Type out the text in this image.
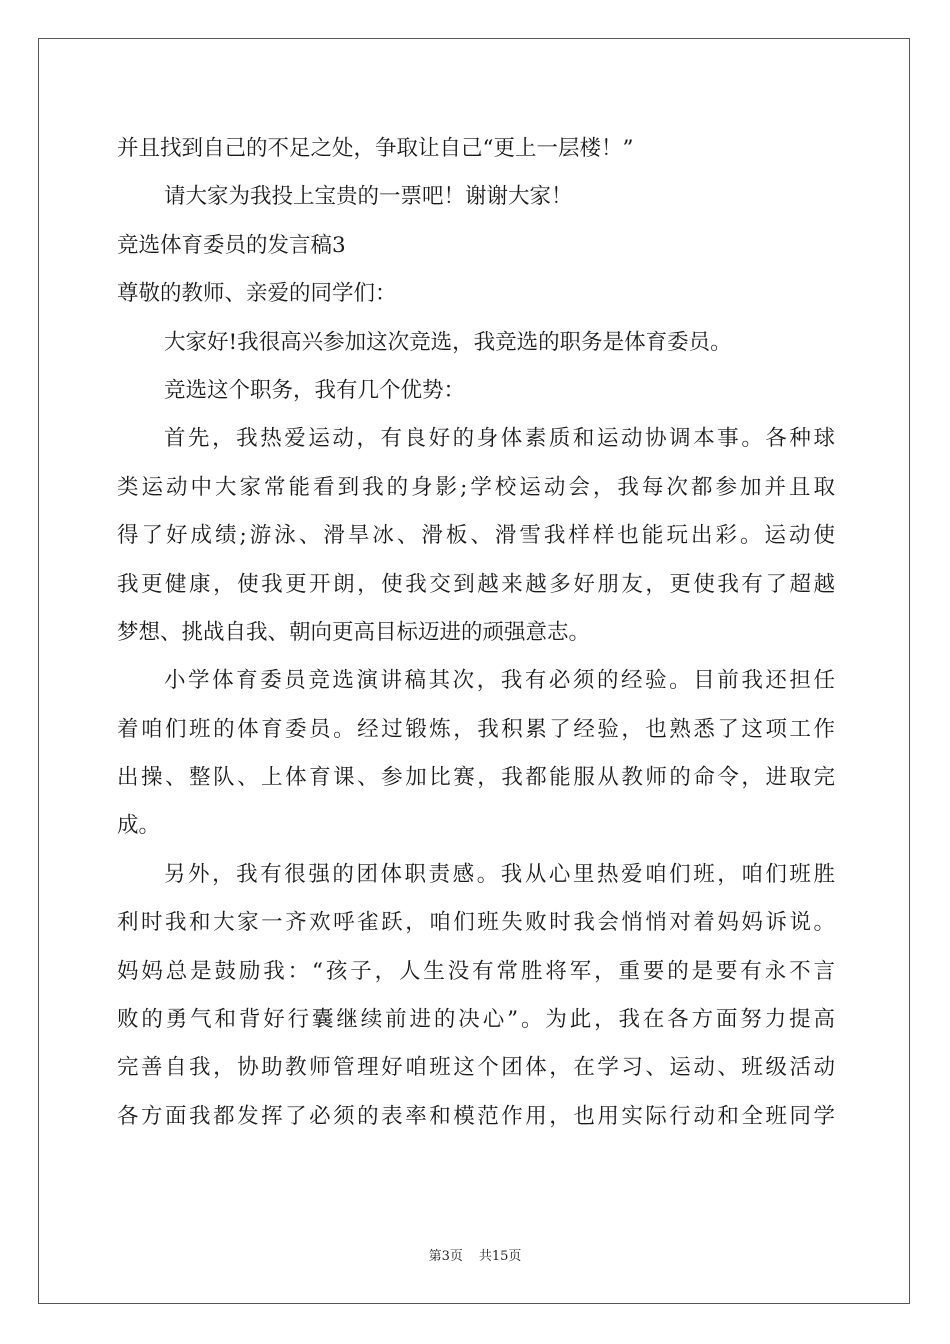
并且找到自己的不足之处，争取让自己“更上一层楼！”
请大家为我投上宝贵的一票吧！谢谢大家！
竞选体育委员的发言稿3
尊敬的教师、亲爱的同学们：
大家好!我很高兴参加这次竞选，我竞选的职务是体育委员。
竞选这个职务，我有几个优势：
首先，我热爱运动，有良好的身体素质和运动协调本事。各种球
类运动中大家常能看到我的身影;学校运动会，我每次都参加并且取
得了好成绩;游泳、滑旱冰、滑板、滑雪我样样也能玩出彩。运动使
我更健康，使我更开朗，使我交到越来越多好朋友，更使我有了超越
梦想、挑战自我、朝向更高目标迈进的顽强意志。
小学体育委员竞选演讲稿其次，我有必须的经验。目前我还担任
着咱们班的体育委员。经过锻炼，我积累了经验，也熟悉了这项工作
出操、整队、上体育课、参加比赛，我都能服从教师的命令，进取完
成。
另外，我有很强的团体职责感。我从心里热爱咱们班，咱们班胜
利时我和大家一齐欢呼雀跃，咱们班失败时我会悄悄对着妈妈诉说。
妈妈总是鼓励我：“孩子，人生没有常胜将军，重要的是要有永不言
败的勇气和背好行囊继续前进的决心”。为此，我在各方面努力提高
完善自我，协助教师管理好咱班这个团体，在学习、运动、班级活动
各方面我都发挥了必须的表率和模范作用，也用实际行动和全班同学
第3页 共15页
